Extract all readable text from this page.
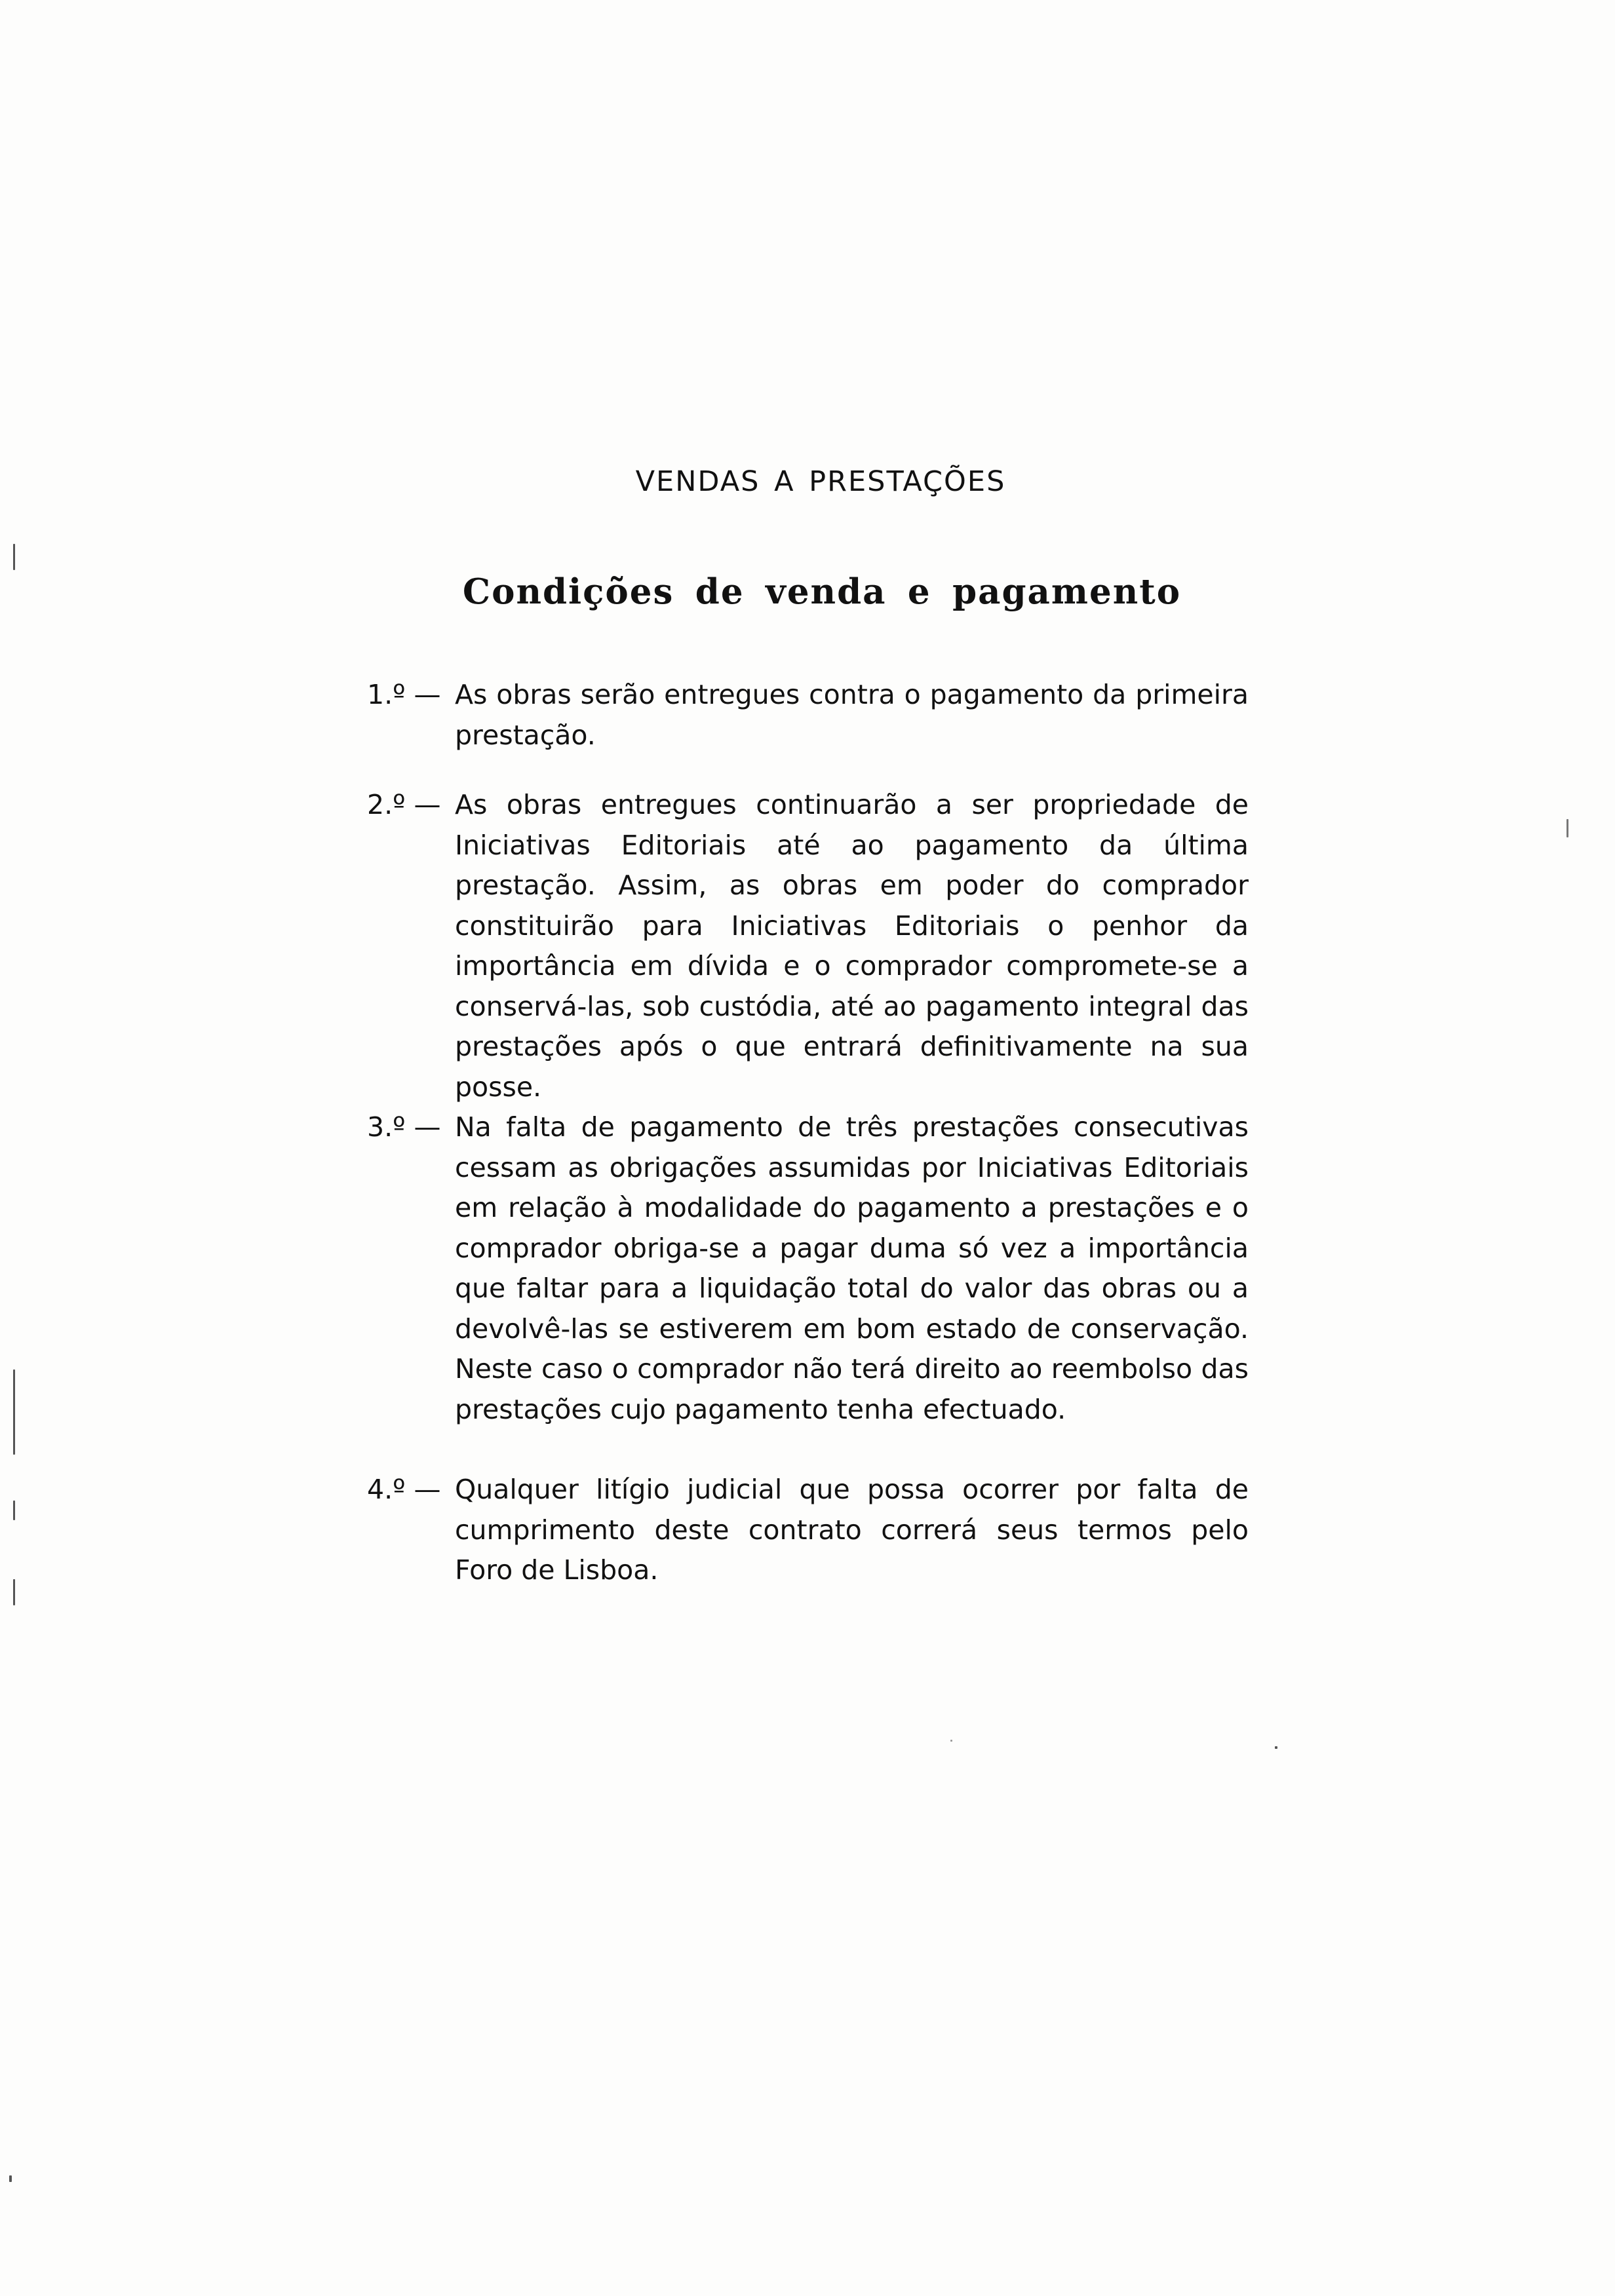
VENDAS A PRESTAÇÕES
Condições de venda e pagamento
1.º — As obras serão entregues contra o pagamento da primeira prestação.
2.º — As obras entregues continuarão a ser propriedade de Iniciativas Editoriais até ao pagamento da última prestação. Assim, as obras em poder do comprador constituirão para Iniciativas Editoriais o penhor da importância em dívida e o comprador compromete-se a conservá-las, sob custódia, até ao pagamento integral das prestações após o que entrará definitivamente na sua posse.
3.º — Na falta de pagamento de três prestações consecutivas cessam as obrigações assumidas por Iniciativas Editoriais em relação à modalidade do pagamento a prestações e o comprador obriga-se a pagar duma só vez a importância que faltar para a liquidação total do valor das obras ou a devolvê-las se estiverem em bom estado de conservação. Neste caso o comprador não terá direito ao reembolso das prestações cujo pagamento tenha efectuado.
4.º — Qualquer litígio judicial que possa ocorrer por falta de cumprimento deste contrato correrá seus termos pelo Foro de Lisboa.
